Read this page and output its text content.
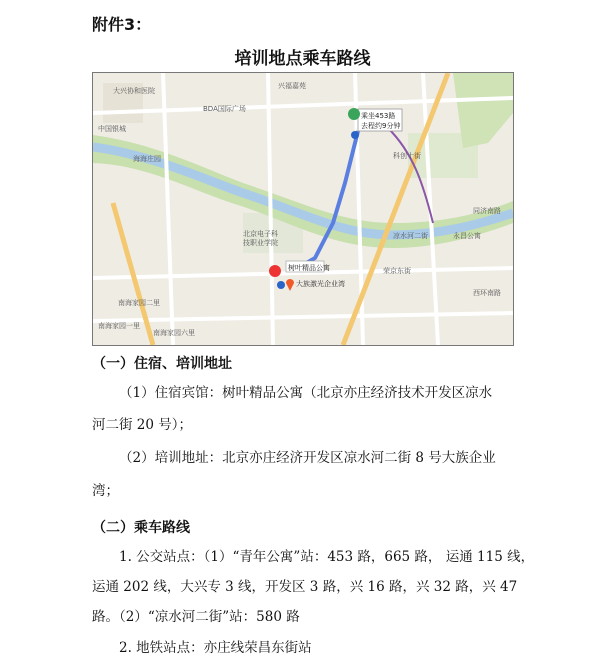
附件3：
培训地点乘车路线
乘坐453路
去程约9分钟
树叶精品公寓
大族激光企业湾
北京电子科
技职业学院
海海庄园
南海家园二里
南海家园六里
南海家园一里
中国银城
BDA国际广场
兴福嘉苑
凉水河二街
同济南路
荣京东街
科创十街
永昌公寓
西环南路
大兴协和医院
（一）住宿、培训地址
（1）住宿宾馆：树叶精品公寓（北京亦庄经济技术开发区凉水
河二街 20 号）；
（2）培训地址：北京亦庄经济开发区凉水河二街 8 号大族企业
湾；
（二）乘车路线
1. 公交站点：（1）“青年公寓”站：453 路，665 路， 运通 115 线，
运通 202 线，大兴专 3 线，开发区 3 路，兴 16 路，兴 32 路，兴 47
路。（2）“凉水河二街”站：580 路
2. 地铁站点：亦庄线荣昌东街站
